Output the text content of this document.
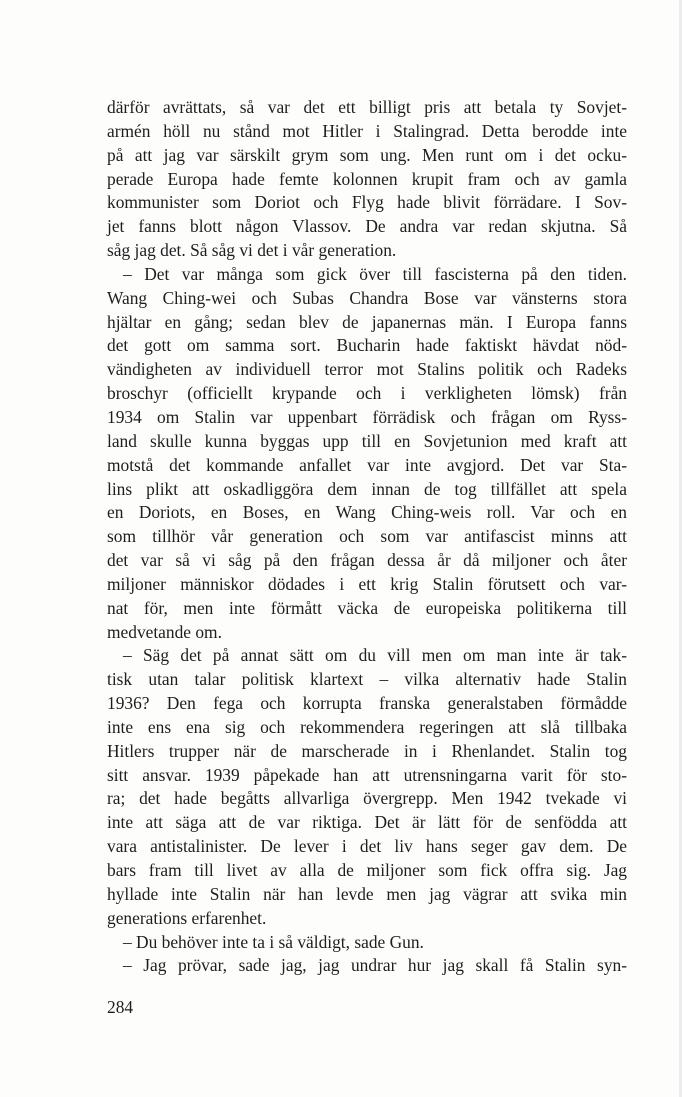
därför avrättats, så var det ett billigt pris att betala ty Sovjet-
armén höll nu stånd mot Hitler i Stalingrad. Detta berodde inte
på att jag var särskilt grym som ung. Men runt om i det ocku-
perade Europa hade femte kolonnen krupit fram och av gamla
kommunister som Doriot och Flyg hade blivit förrädare. I Sov-
jet fanns blott någon Vlassov. De andra var redan skjutna. Så
såg jag det. Så såg vi det i vår generation.
– Det var många som gick över till fascisterna på den tiden.
Wang Ching-wei och Subas Chandra Bose var vänsterns stora
hjältar en gång; sedan blev de japanernas män. I Europa fanns
det gott om samma sort. Bucharin hade faktiskt hävdat nöd-
vändigheten av individuell terror mot Stalins politik och Radeks
broschyr (officiellt krypande och i verkligheten lömsk) från
1934 om Stalin var uppenbart förrädisk och frågan om Ryss-
land skulle kunna byggas upp till en Sovjetunion med kraft att
motstå det kommande anfallet var inte avgjord. Det var Sta-
lins plikt att oskadliggöra dem innan de tog tillfället att spela
en Doriots, en Boses, en Wang Ching-weis roll. Var och en
som tillhör vår generation och som var antifascist minns att
det var så vi såg på den frågan dessa år då miljoner och åter
miljoner människor dödades i ett krig Stalin förutsett och var-
nat för, men inte förmått väcka de europeiska politikerna till
medvetande om.
– Säg det på annat sätt om du vill men om man inte är tak-
tisk utan talar politisk klartext – vilka alternativ hade Stalin
1936? Den fega och korrupta franska generalstaben förmådde
inte ens ena sig och rekommendera regeringen att slå tillbaka
Hitlers trupper när de marscherade in i Rhenlandet. Stalin tog
sitt ansvar. 1939 påpekade han att utrensningarna varit för sto-
ra; det hade begåtts allvarliga övergrepp. Men 1942 tvekade vi
inte att säga att de var riktiga. Det är lätt för de senfödda att
vara antistalinister. De lever i det liv hans seger gav dem. De
bars fram till livet av alla de miljoner som fick offra sig. Jag
hyllade inte Stalin när han levde men jag vägrar att svika min
generations erfarenhet.
– Du behöver inte ta i så väldigt, sade Gun.
– Jag prövar, sade jag, jag undrar hur jag skall få Stalin syn-
284
